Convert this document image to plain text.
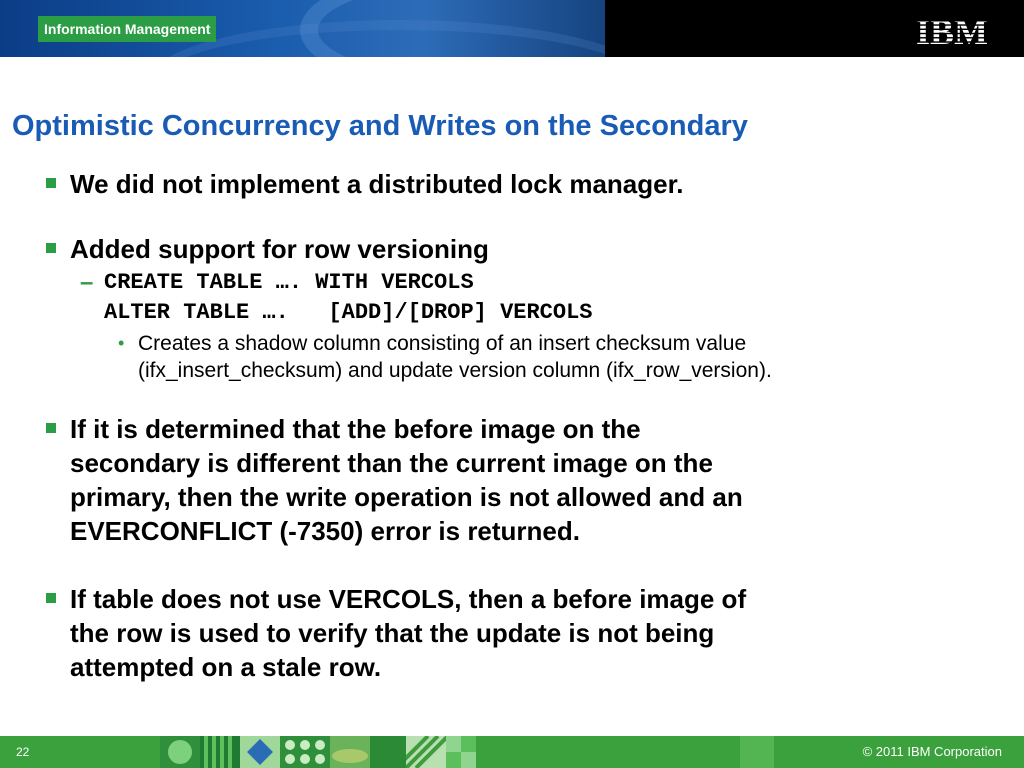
Information Management	IBM
Optimistic Concurrency and Writes on the Secondary
We did not implement a distributed lock manager.
Added support for row versioning
– CREATE TABLE …. WITH VERCOLS
ALTER TABLE ….   [ADD]/[DROP] VERCOLS
• Creates a shadow column consisting of an insert checksum value
(ifx_insert_checksum) and update version column (ifx_row_version).
If it is determined that the before image on the
secondary is different than the current image on the
primary, then the write operation is not allowed and an
EVERCONFLICT (-7350) error is returned.
If table does not use VERCOLS, then a before image of
the row is used to verify that the update is not being
attempted on a stale row.
22	© 2011 IBM Corporation
